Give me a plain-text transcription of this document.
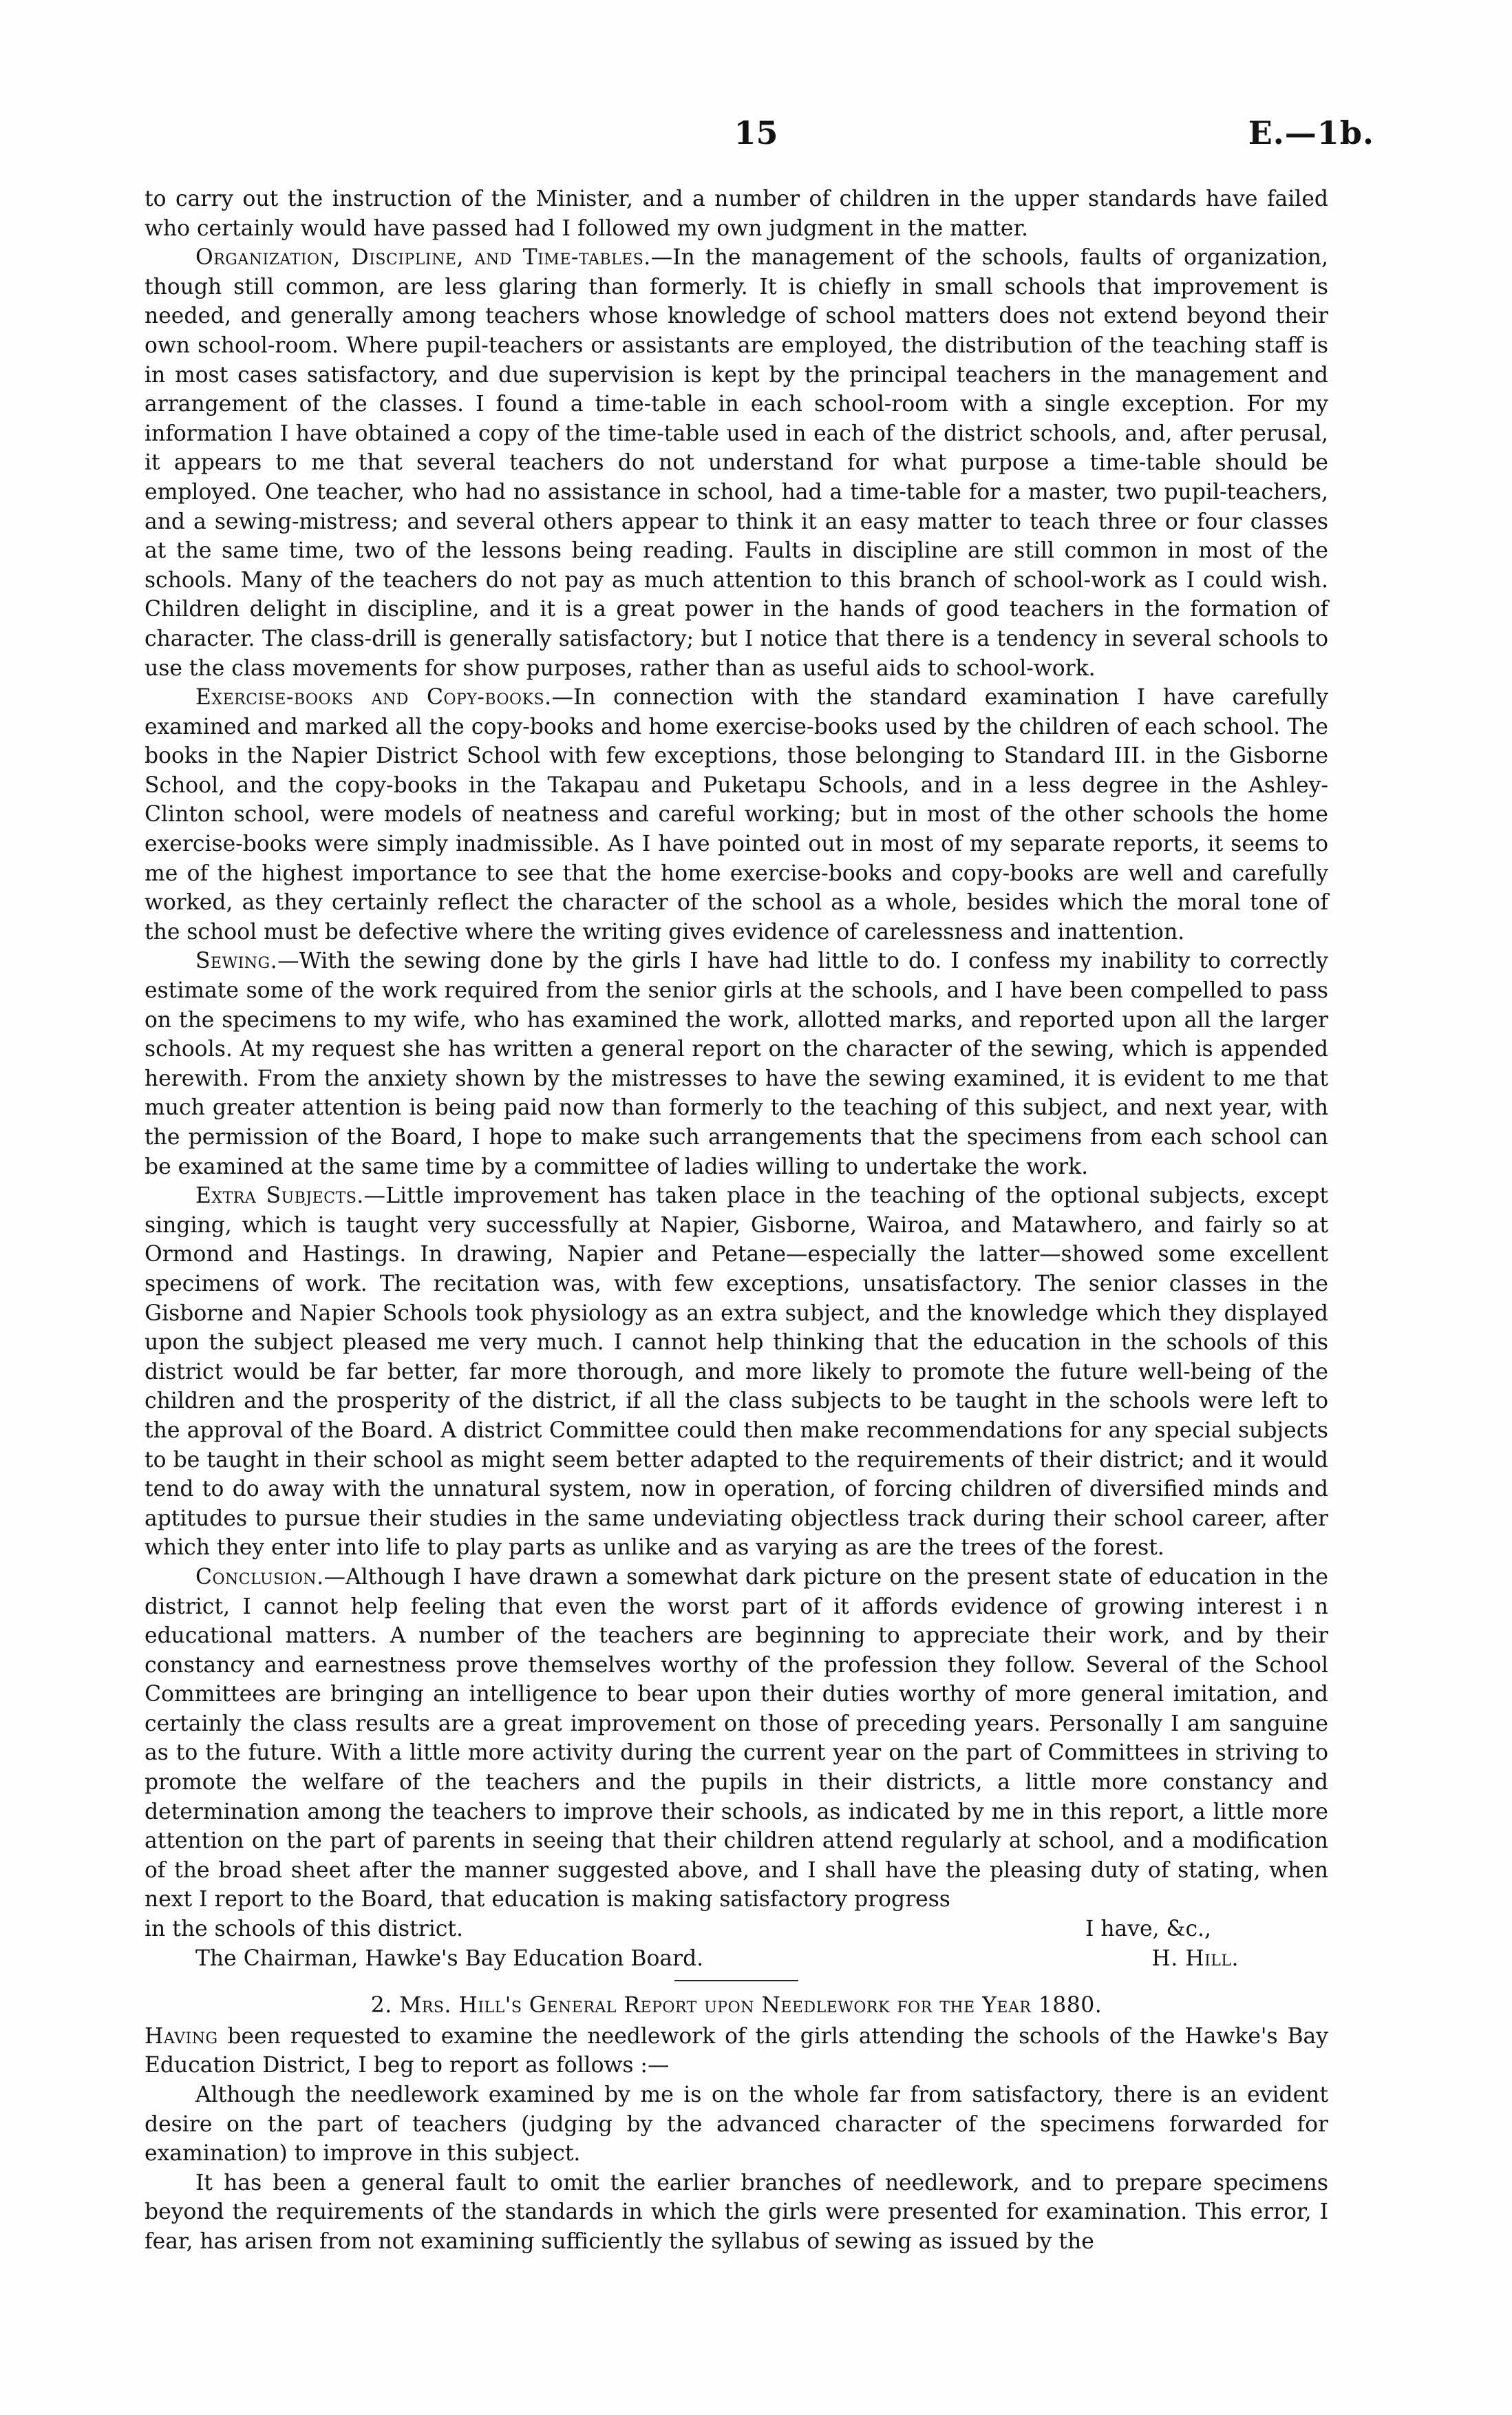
15	E.—1b.

to carry out the instruction of the Minister, and a number of children in the upper standards have failed who certainly would have passed had I followed my own judgment in the matter.

Organization, Discipline, and Time-tables.—In the management of the schools, faults of organization, though still common, are less glaring than formerly. It is chiefly in small schools that improvement is needed, and generally among teachers whose knowledge of school matters does not extend beyond their own school-room. Where pupil-teachers or assistants are employed, the distribution of the teaching staff is in most cases satisfactory, and due supervision is kept by the principal teachers in the management and arrangement of the classes. I found a time-table in each school-room with a single exception. For my information I have obtained a copy of the time-table used in each of the district schools, and, after perusal, it appears to me that several teachers do not understand for what purpose a time-table should be employed. One teacher, who had no assistance in school, had a time-table for a master, two pupil-teachers, and a sewing-mistress; and several others appear to think it an easy matter to teach three or four classes at the same time, two of the lessons being reading. Faults in discipline are still common in most of the schools. Many of the teachers do not pay as much attention to this branch of school-work as I could wish. Children delight in discipline, and it is a great power in the hands of good teachers in the formation of character. The class-drill is generally satisfactory; but I notice that there is a tendency in several schools to use the class movements for show purposes, rather than as useful aids to school-work.

Exercise-books and Copy-books.—In connection with the standard examination I have carefully examined and marked all the copy-books and home exercise-books used by the children of each school. The books in the Napier District School with few exceptions, those belonging to Standard III. in the Gisborne School, and the copy-books in the Takapau and Puketapu Schools, and in a less degree in the Ashley-Clinton school, were models of neatness and careful working; but in most of the other schools the home exercise-books were simply inadmissible. As I have pointed out in most of my separate reports, it seems to me of the highest importance to see that the home exercise-books and copy-books are well and carefully worked, as they certainly reflect the character of the school as a whole, besides which the moral tone of the school must be defective where the writing gives evidence of carelessness and inattention.

Sewing.—With the sewing done by the girls I have had little to do. I confess my inability to correctly estimate some of the work required from the senior girls at the schools, and I have been compelled to pass on the specimens to my wife, who has examined the work, allotted marks, and reported upon all the larger schools. At my request she has written a general report on the character of the sewing, which is appended herewith. From the anxiety shown by the mistresses to have the sewing examined, it is evident to me that much greater attention is being paid now than formerly to the teaching of this subject, and next year, with the permission of the Board, I hope to make such arrangements that the specimens from each school can be examined at the same time by a committee of ladies willing to undertake the work.

Extra Subjects.—Little improvement has taken place in the teaching of the optional subjects, except singing, which is taught very successfully at Napier, Gisborne, Wairoa, and Matawhero, and fairly so at Ormond and Hastings. In drawing, Napier and Petane—especially the latter—showed some excellent specimens of work. The recitation was, with few exceptions, unsatisfactory. The senior classes in the Gisborne and Napier Schools took physiology as an extra subject, and the knowledge which they displayed upon the subject pleased me very much. I cannot help thinking that the education in the schools of this district would be far better, far more thorough, and more likely to promote the future well-being of the children and the prosperity of the district, if all the class subjects to be taught in the schools were left to the approval of the Board. A district Committee could then make recommendations for any special subjects to be taught in their school as might seem better adapted to the requirements of their district; and it would tend to do away with the unnatural system, now in operation, of forcing children of diversified minds and aptitudes to pursue their studies in the same undeviating objectless track during their school career, after which they enter into life to play parts as unlike and as varying as are the trees of the forest.

Conclusion.—Although I have drawn a somewhat dark picture on the present state of education in the district, I cannot help feeling that even the worst part of it affords evidence of growing interest i n educational matters. A number of the teachers are beginning to appreciate their work, and by their constancy and earnestness prove themselves worthy of the profession they follow. Several of the School Committees are bringing an intelligence to bear upon their duties worthy of more general imitation, and certainly the class results are a great improvement on those of preceding years. Personally I am sanguine as to the future. With a little more activity during the current year on the part of Committees in striving to promote the welfare of the teachers and the pupils in their districts, a little more constancy and determination among the teachers to improve their schools, as indicated by me in this report, a little more attention on the part of parents in seeing that their children attend regularly at school, and a modification of the broad sheet after the manner suggested above, and I shall have the pleasing duty of stating, when next I report to the Board, that education is making satisfactory progress

in the schools of this district.	I have, &c.,
The Chairman, Hawke's Bay Education Board.	H. Hill.
2. Mrs. Hill's General Report upon Needlework for the Year 1880.

Having been requested to examine the needlework of the girls attending the schools of the Hawke's Bay Education District, I beg to report as follows :—

Although the needlework examined by me is on the whole far from satisfactory, there is an evident desire on the part of teachers (judging by the advanced character of the specimens forwarded for examination) to improve in this subject.

It has been a general fault to omit the earlier branches of needlework, and to prepare specimens beyond the requirements of the standards in which the girls were presented for examination. This error, I fear, has arisen from not examining sufficiently the syllabus of sewing as issued by the
